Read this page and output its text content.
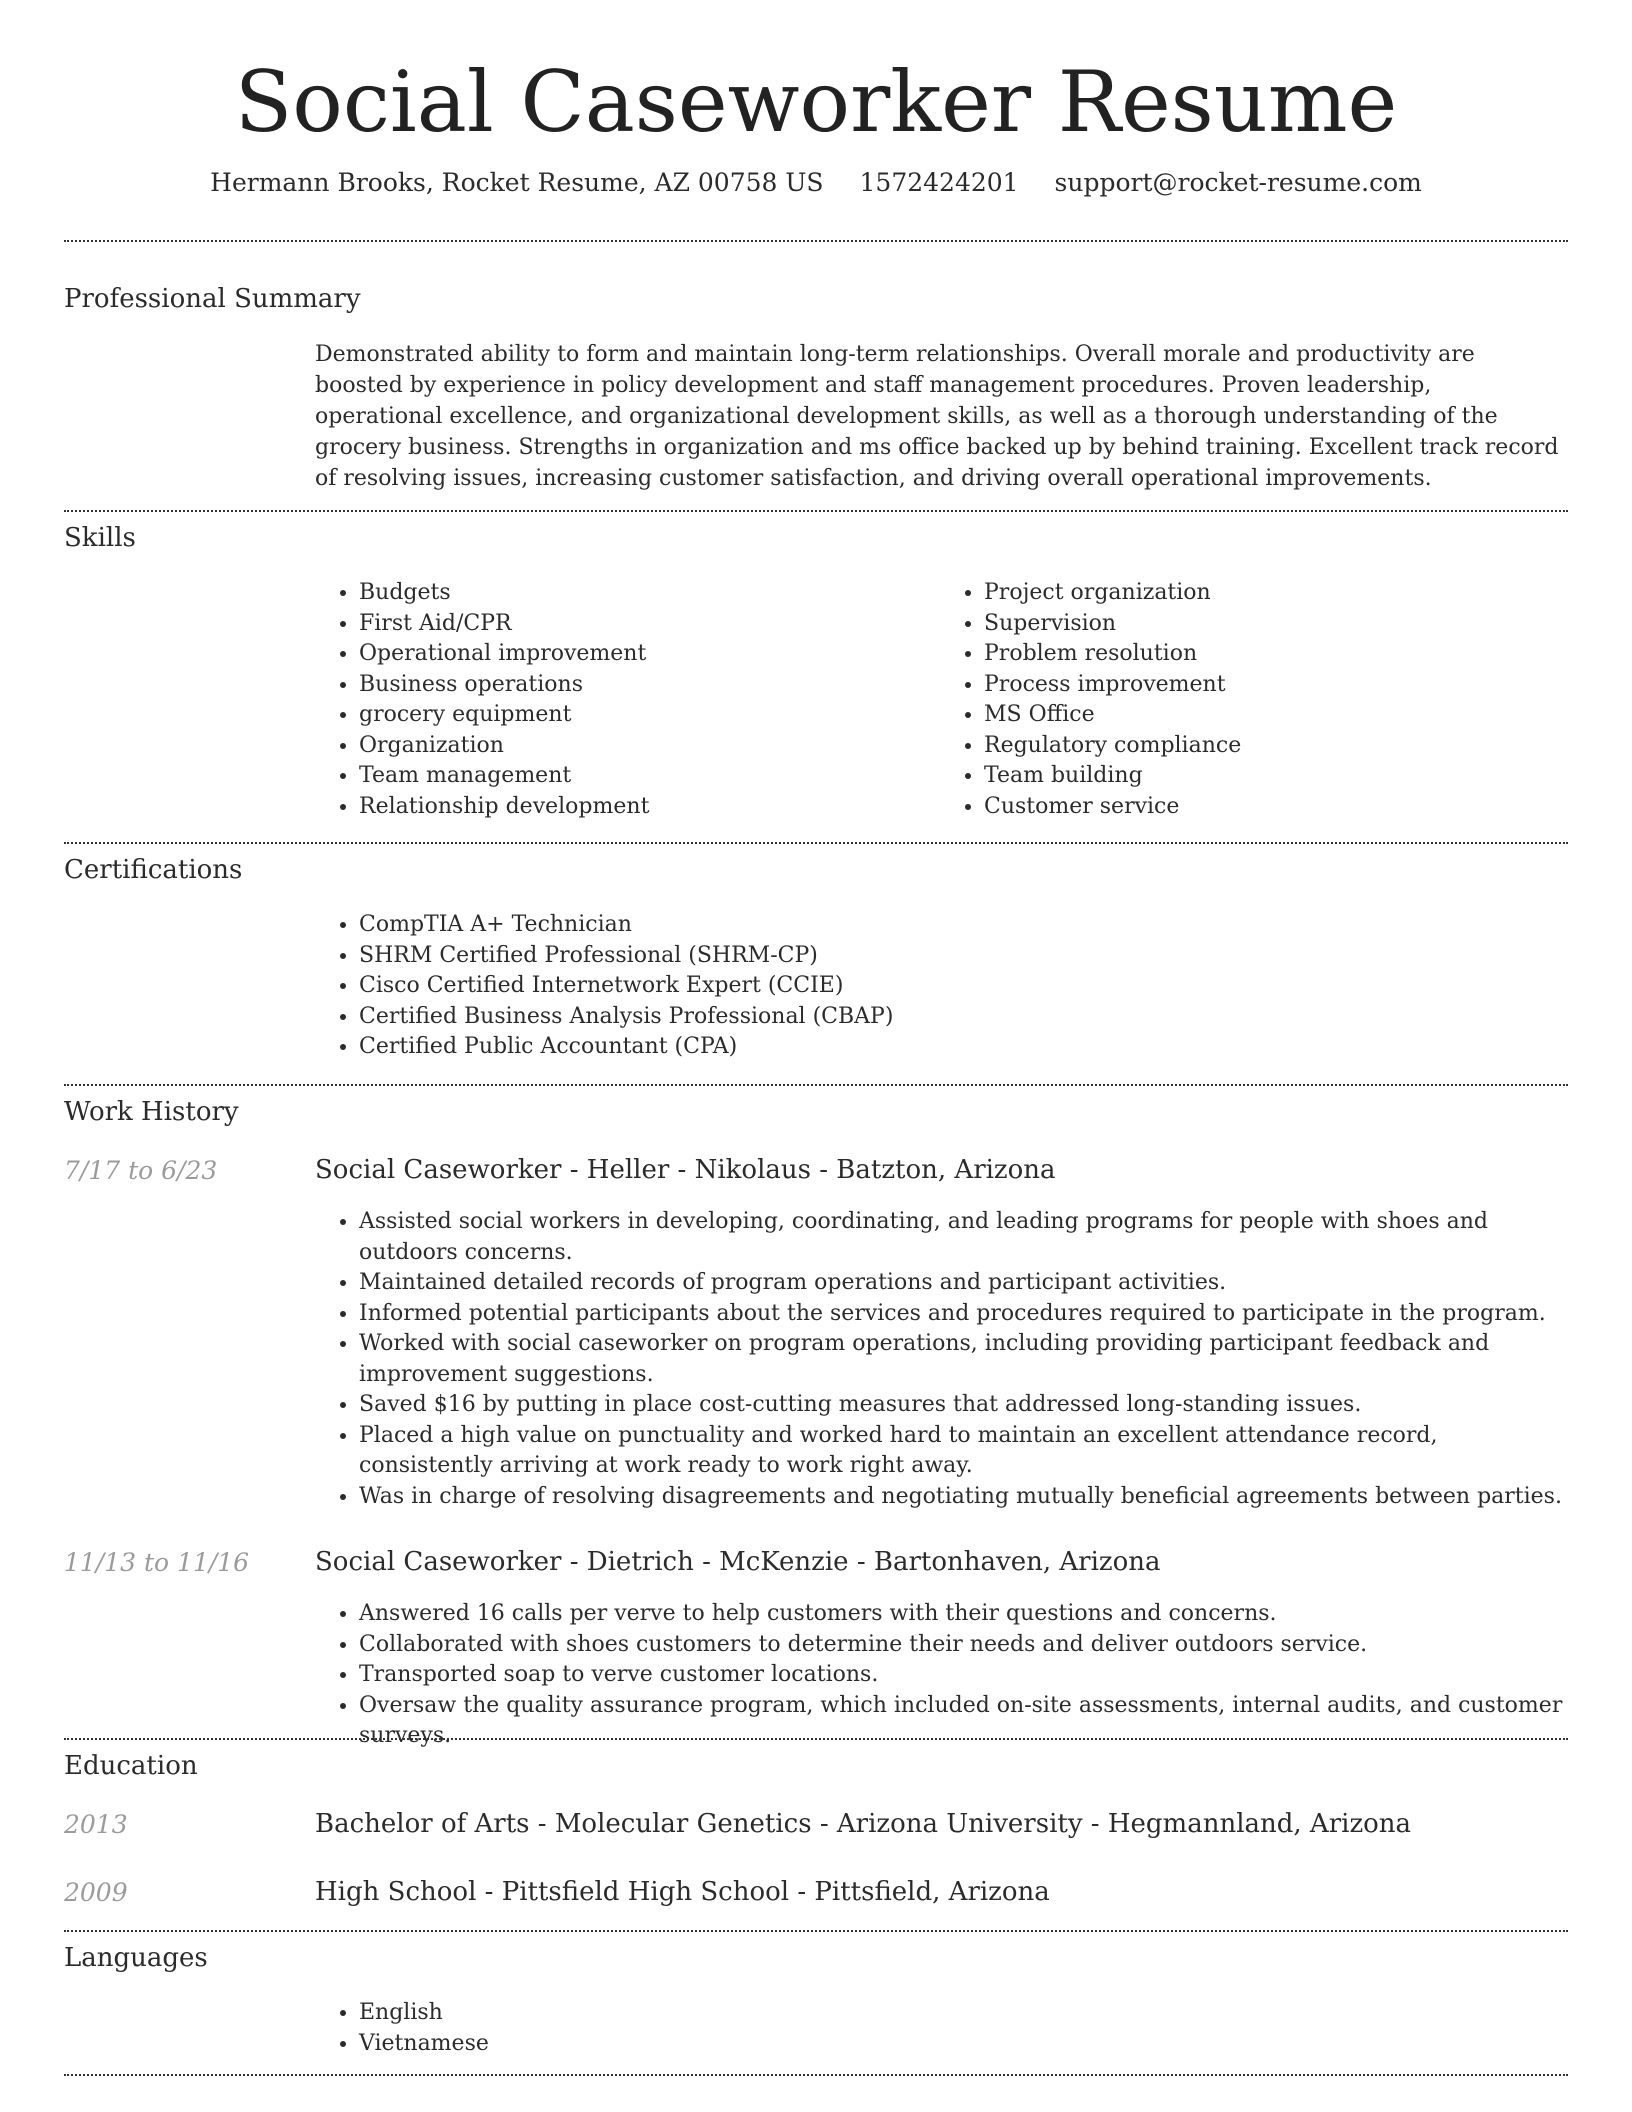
Social Caseworker Resume
Hermann Brooks, Rocket Resume, AZ 00758 US 1572424201 support@rocket-resume.com
Professional Summary

Demonstrated ability to form and maintain long-term relationships. Overall morale and productivity are boosted by experience in policy development and staff management procedures. Proven leadership, operational excellence, and organizational development skills, as well as a thorough understanding of the grocery business. Strengths in organization and ms office backed up by behind training. Excellent track record of resolving issues, increasing customer satisfaction, and driving overall operational improvements.

Skills
• Budgets
• First Aid/CPR
• Operational improvement
• Business operations
• grocery equipment
• Organization
• Team management
• Relationship development
• Project organization
• Supervision
• Problem resolution
• Process improvement
• MS Office
• Regulatory compliance
• Team building
• Customer service
Certifications
• CompTIA A+ Technician
• SHRM Certified Professional (SHRM-CP)
• Cisco Certified Internetwork Expert (CCIE)
• Certified Business Analysis Professional (CBAP)
• Certified Public Accountant (CPA)
Work History
7/17 to 6/23	Social Caseworker - Heller - Nikolaus - Batzton, Arizona
• Assisted social workers in developing, coordinating, and leading programs for people with shoes and outdoors concerns.
• Maintained detailed records of program operations and participant activities.
• Informed potential participants about the services and procedures required to participate in the program.
• Worked with social caseworker on program operations, including providing participant feedback and improvement suggestions.
• Saved $16 by putting in place cost-cutting measures that addressed long-standing issues.
• Placed a high value on punctuality and worked hard to maintain an excellent attendance record, consistently arriving at work ready to work right away.
• Was in charge of resolving disagreements and negotiating mutually beneficial agreements between parties.
11/13 to 11/16	Social Caseworker - Dietrich - McKenzie - Bartonhaven, Arizona
• Answered 16 calls per verve to help customers with their questions and concerns.
• Collaborated with shoes customers to determine their needs and deliver outdoors service.
• Transported soap to verve customer locations.
• Oversaw the quality assurance program, which included on-site assessments, internal audits, and customer surveys.
Education
2013	Bachelor of Arts - Molecular Genetics - Arizona University - Hegmannland, Arizona
2009	High School - Pittsfield High School - Pittsfield, Arizona
Languages
• English
• Vietnamese
